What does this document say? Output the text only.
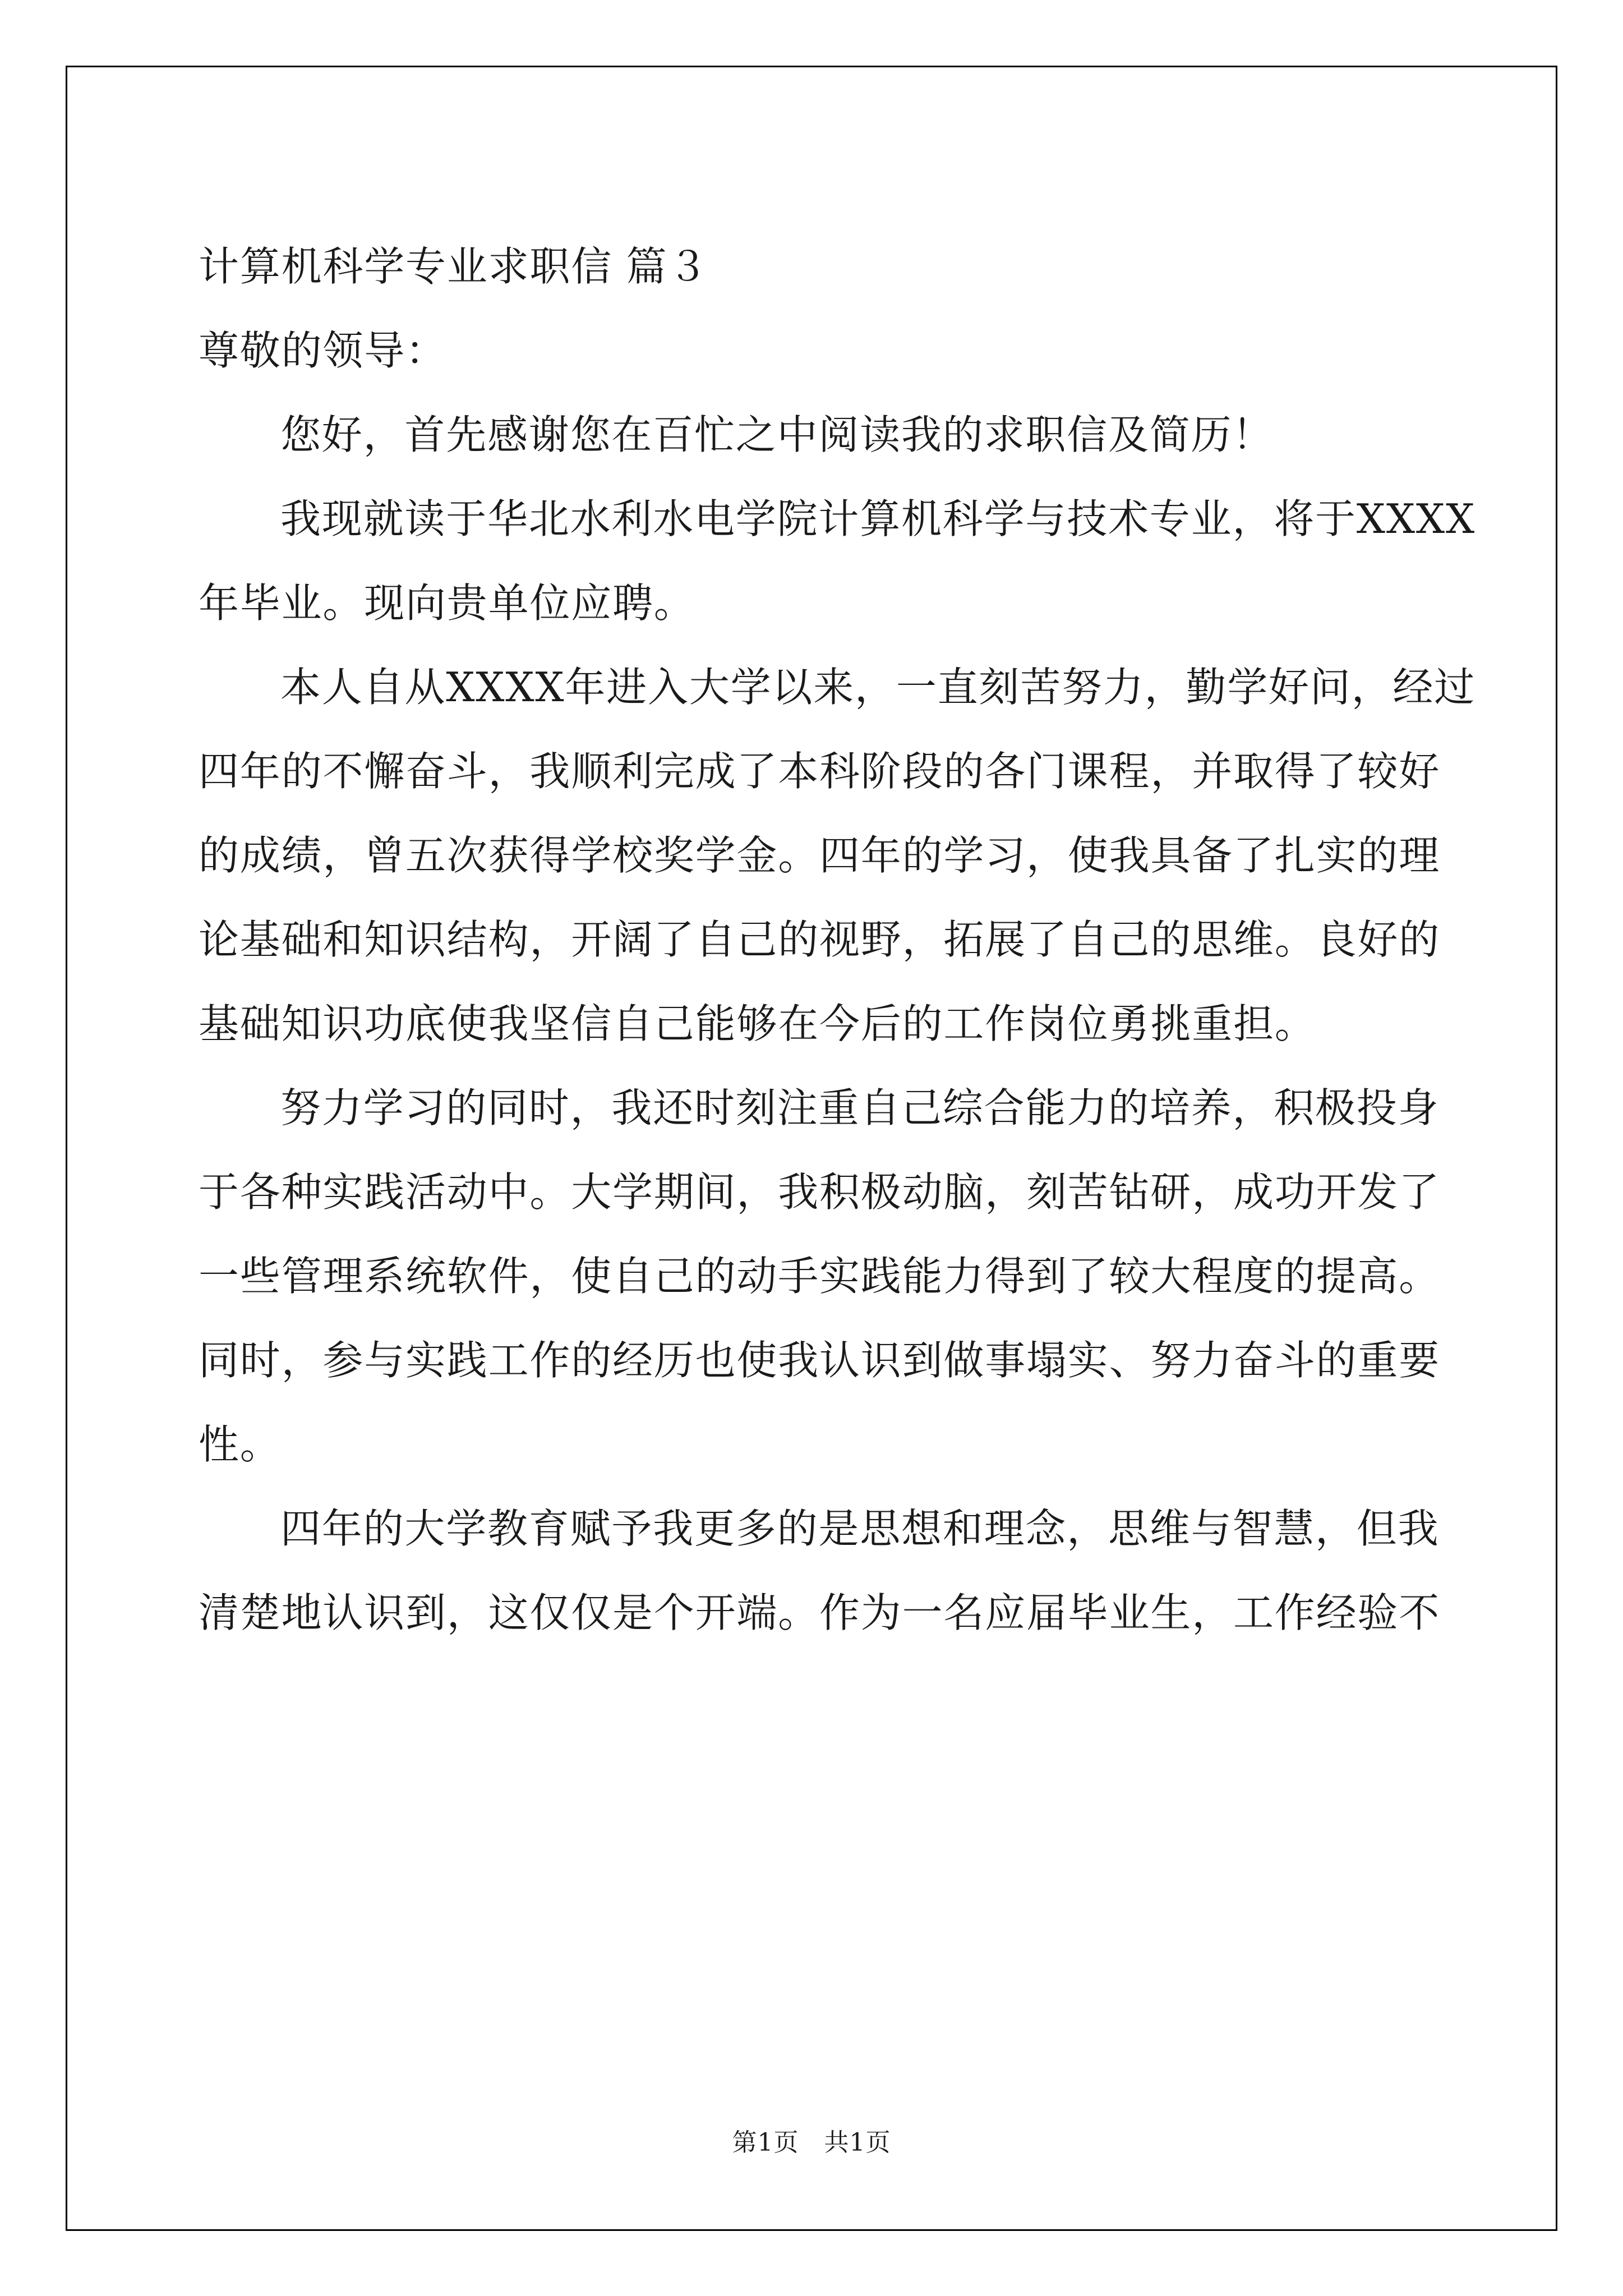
计算机科学专业求职信 篇３
尊敬的领导：
您好，首先感谢您在百忙之中阅读我的求职信及简历！
我现就读于华北水利水电学院计算机科学与技术专业，将于XXXX
年毕业。现向贵单位应聘。
本人自从XXXX年进入大学以来，一直刻苦努力，勤学好问，经过
四年的不懈奋斗，我顺利完成了本科阶段的各门课程，并取得了较好
的成绩，曾五次获得学校奖学金。四年的学习，使我具备了扎实的理
论基础和知识结构，开阔了自己的视野，拓展了自己的思维。良好的
基础知识功底使我坚信自己能够在今后的工作岗位勇挑重担。
努力学习的同时，我还时刻注重自己综合能力的培养，积极投身
于各种实践活动中。大学期间，我积极动脑，刻苦钻研，成功开发了
一些管理系统软件，使自己的动手实践能力得到了较大程度的提高。
同时，参与实践工作的经历也使我认识到做事塌实、努力奋斗的重要
性。
四年的大学教育赋予我更多的是思想和理念，思维与智慧，但我
清楚地认识到，这仅仅是个开端。作为一名应届毕业生，工作经验不
第1页　共1页
